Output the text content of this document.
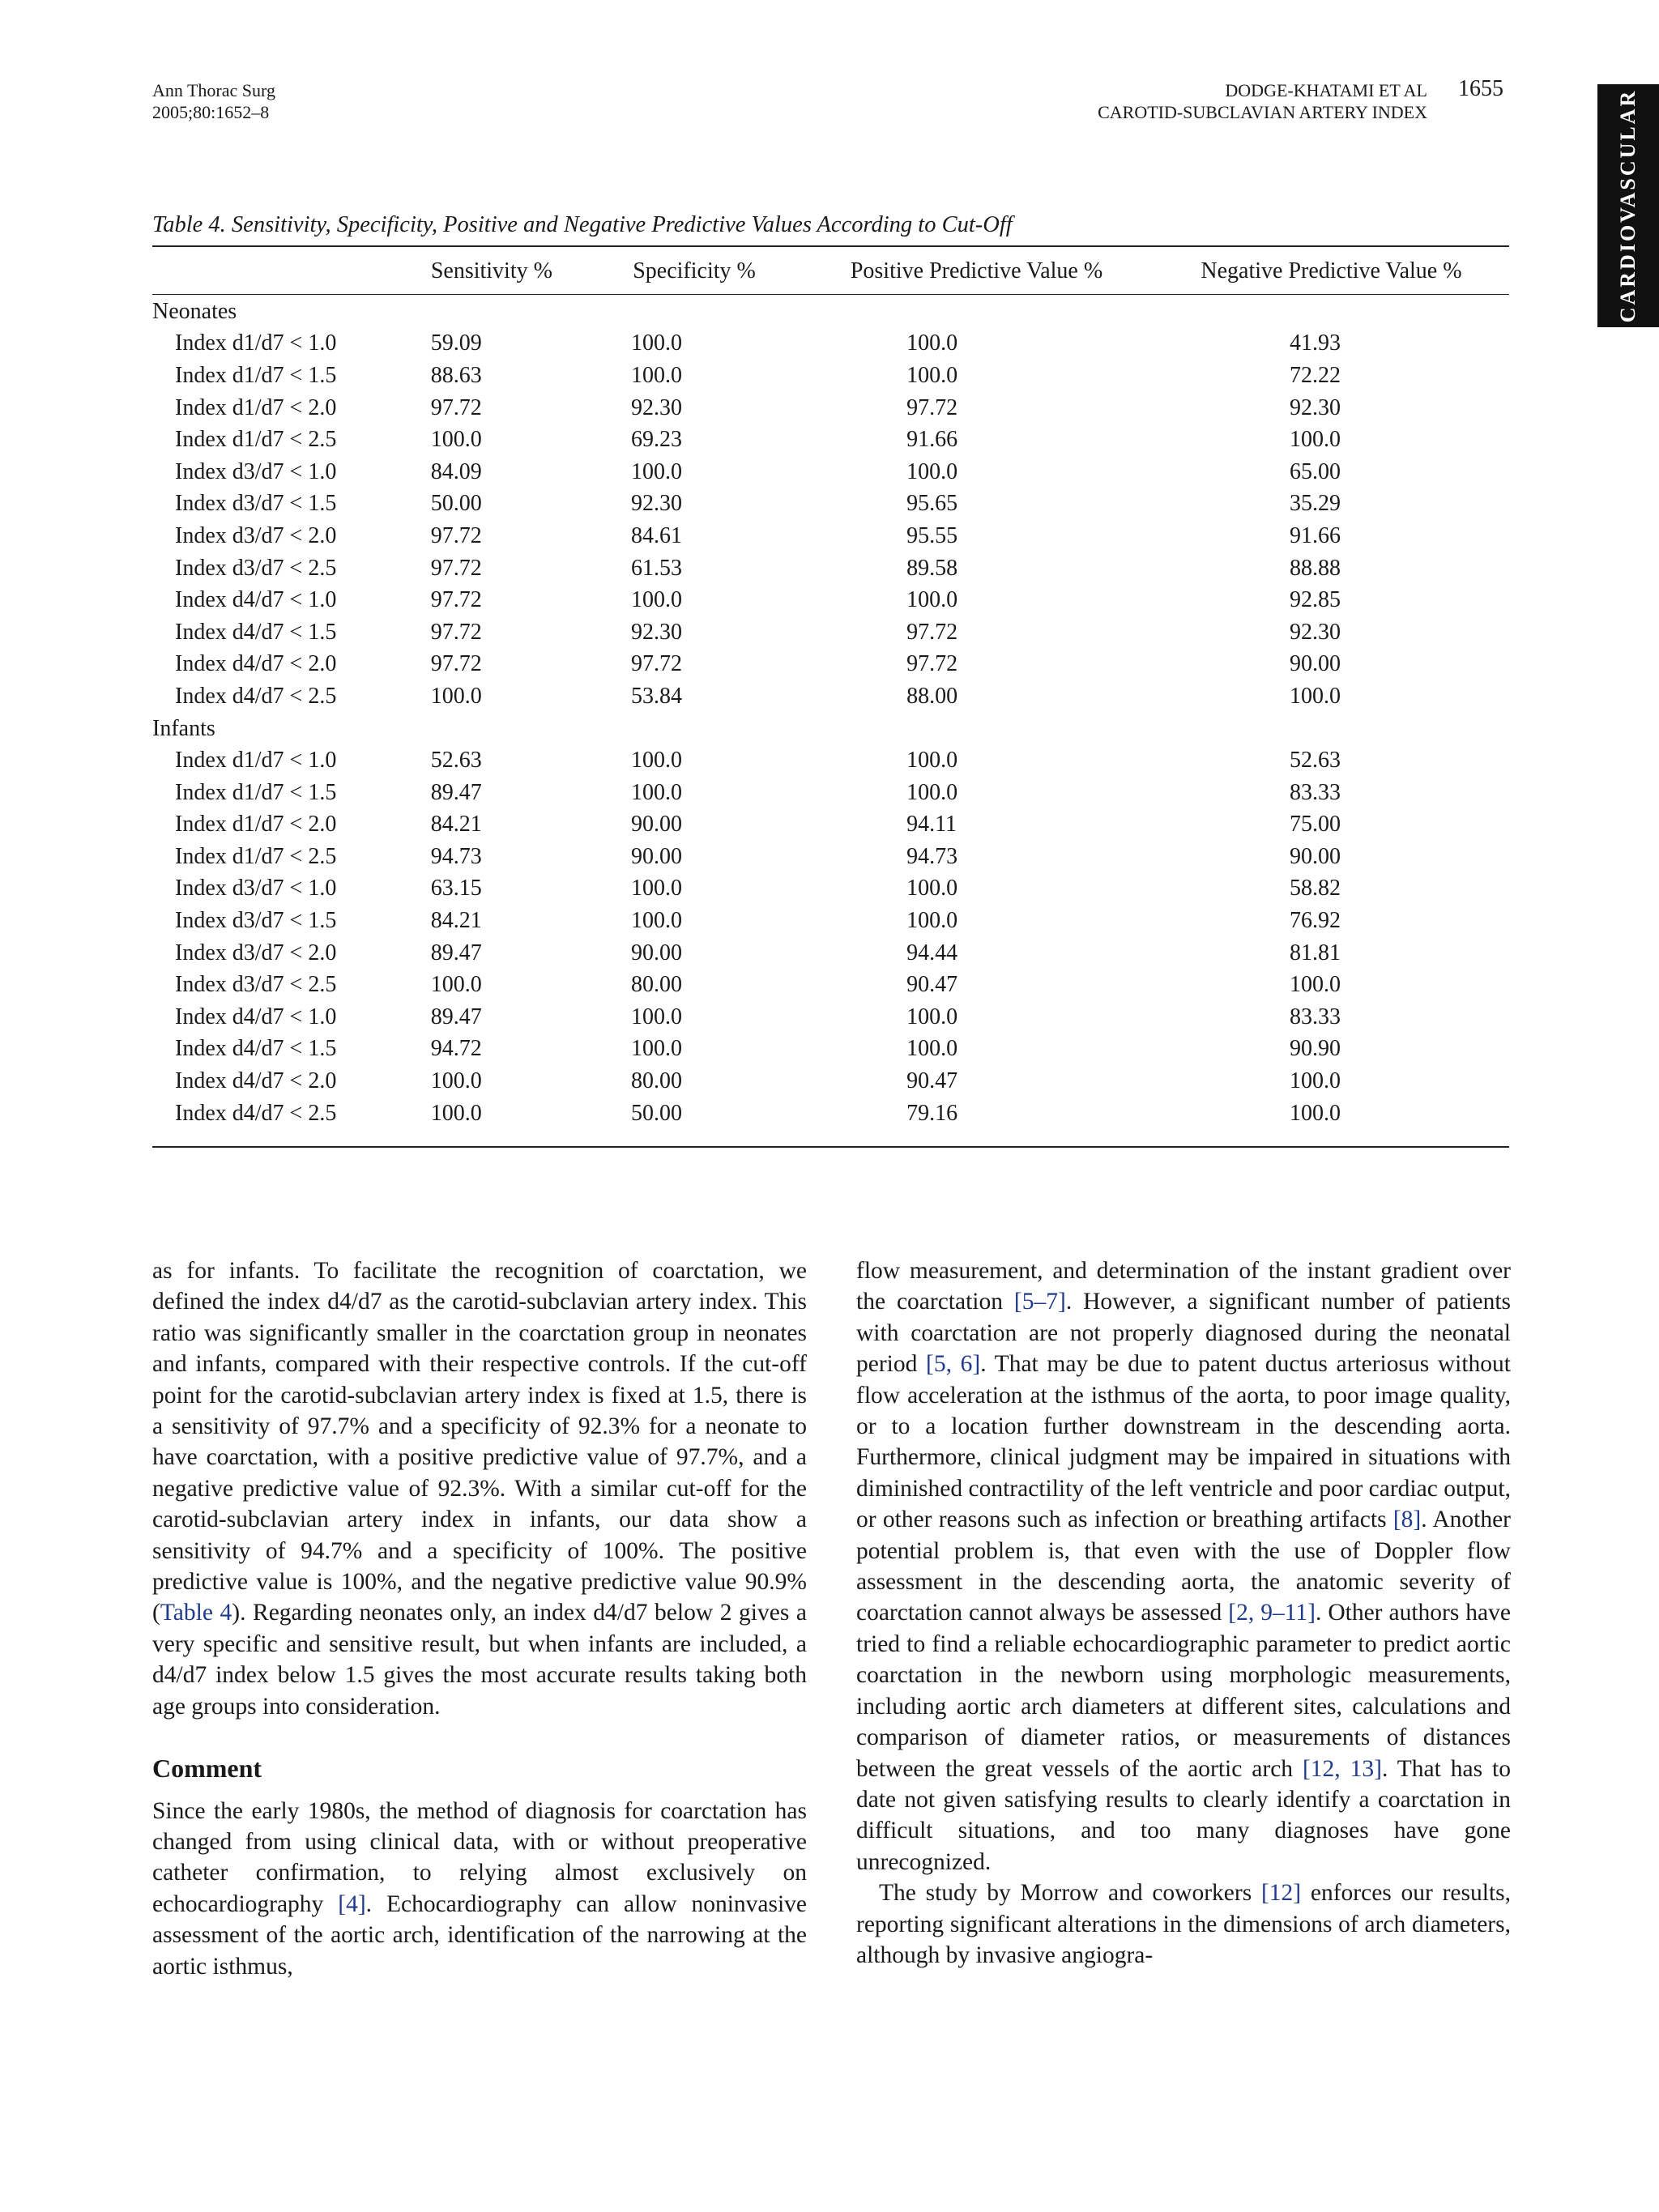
Ann Thorac Surg
2005;80:1652–8
DODGE-KHATAMI ET AL
CAROTID-SUBCLAVIAN ARTERY INDEX
1655
CARDIOVASCULAR
Table 4. Sensitivity, Specificity, Positive and Negative Predictive Values According to Cut-Off
	Sensitivity %	Specificity %	Positive Predictive Value %	Negative Predictive Value %
Neonates				
Index d1/d7 < 1.0	59.09	100.0	100.0	41.93
Index d1/d7 < 1.5	88.63	100.0	100.0	72.22
Index d1/d7 < 2.0	97.72	92.30	97.72	92.30
Index d1/d7 < 2.5	100.0	69.23	91.66	100.0
Index d3/d7 < 1.0	84.09	100.0	100.0	65.00
Index d3/d7 < 1.5	50.00	92.30	95.65	35.29
Index d3/d7 < 2.0	97.72	84.61	95.55	91.66
Index d3/d7 < 2.5	97.72	61.53	89.58	88.88
Index d4/d7 < 1.0	97.72	100.0	100.0	92.85
Index d4/d7 < 1.5	97.72	92.30	97.72	92.30
Index d4/d7 < 2.0	97.72	97.72	97.72	90.00
Index d4/d7 < 2.5	100.0	53.84	88.00	100.0
Infants				
Index d1/d7 < 1.0	52.63	100.0	100.0	52.63
Index d1/d7 < 1.5	89.47	100.0	100.0	83.33
Index d1/d7 < 2.0	84.21	90.00	94.11	75.00
Index d1/d7 < 2.5	94.73	90.00	94.73	90.00
Index d3/d7 < 1.0	63.15	100.0	100.0	58.82
Index d3/d7 < 1.5	84.21	100.0	100.0	76.92
Index d3/d7 < 2.0	89.47	90.00	94.44	81.81
Index d3/d7 < 2.5	100.0	80.00	90.47	100.0
Index d4/d7 < 1.0	89.47	100.0	100.0	83.33
Index d4/d7 < 1.5	94.72	100.0	100.0	90.90
Index d4/d7 < 2.0	100.0	80.00	90.47	100.0
Index d4/d7 < 2.5	100.0	50.00	79.16	100.0

as for infants. To facilitate the recognition of coarctation, we defined the index d4/d7 as the carotid-subclavian artery index. This ratio was significantly smaller in the coarctation group in neonates and infants, compared with their respective controls. If the cut-off point for the carotid-subclavian artery index is fixed at 1.5, there is a sensitivity of 97.7% and a specificity of 92.3% for a neonate to have coarctation, with a positive predictive value of 97.7%, and a negative predictive value of 92.3%. With a similar cut-off for the carotid-subclavian artery index in infants, our data show a sensitivity of 94.7% and a specificity of 100%. The positive predictive value is 100%, and the negative predictive value 90.9% (Table 4). Regarding neonates only, an index d4/d7 below 2 gives a very specific and sensitive result, but when infants are included, a d4/d7 index below 1.5 gives the most accurate results taking both age groups into consideration.

Comment

Since the early 1980s, the method of diagnosis for coarctation has changed from using clinical data, with or without preoperative catheter confirmation, to relying almost exclusively on echocardiography [4]. Echocardiography can allow noninvasive assessment of the aortic arch, identification of the narrowing at the aortic isthmus,

flow measurement, and determination of the instant gradient over the coarctation [5–7]. However, a significant number of patients with coarctation are not properly diagnosed during the neonatal period [5, 6]. That may be due to patent ductus arteriosus without flow acceleration at the isthmus of the aorta, to poor image quality, or to a location further downstream in the descending aorta. Furthermore, clinical judgment may be impaired in situations with diminished contractility of the left ventricle and poor cardiac output, or other reasons such as infection or breathing artifacts [8]. Another potential problem is, that even with the use of Doppler flow assessment in the descending aorta, the anatomic severity of coarctation cannot always be assessed [2, 9–11]. Other authors have tried to find a reliable echocardiographic parameter to predict aortic coarctation in the newborn using morphologic measurements, including aortic arch diameters at different sites, calculations and comparison of diameter ratios, or measurements of distances between the great vessels of the aortic arch [12, 13]. That has to date not given satisfying results to clearly identify a coarctation in difficult situations, and too many diagnoses have gone unrecognized.

The study by Morrow and coworkers [12] enforces our results, reporting significant alterations in the dimensions of arch diameters, although by invasive angiogra-
